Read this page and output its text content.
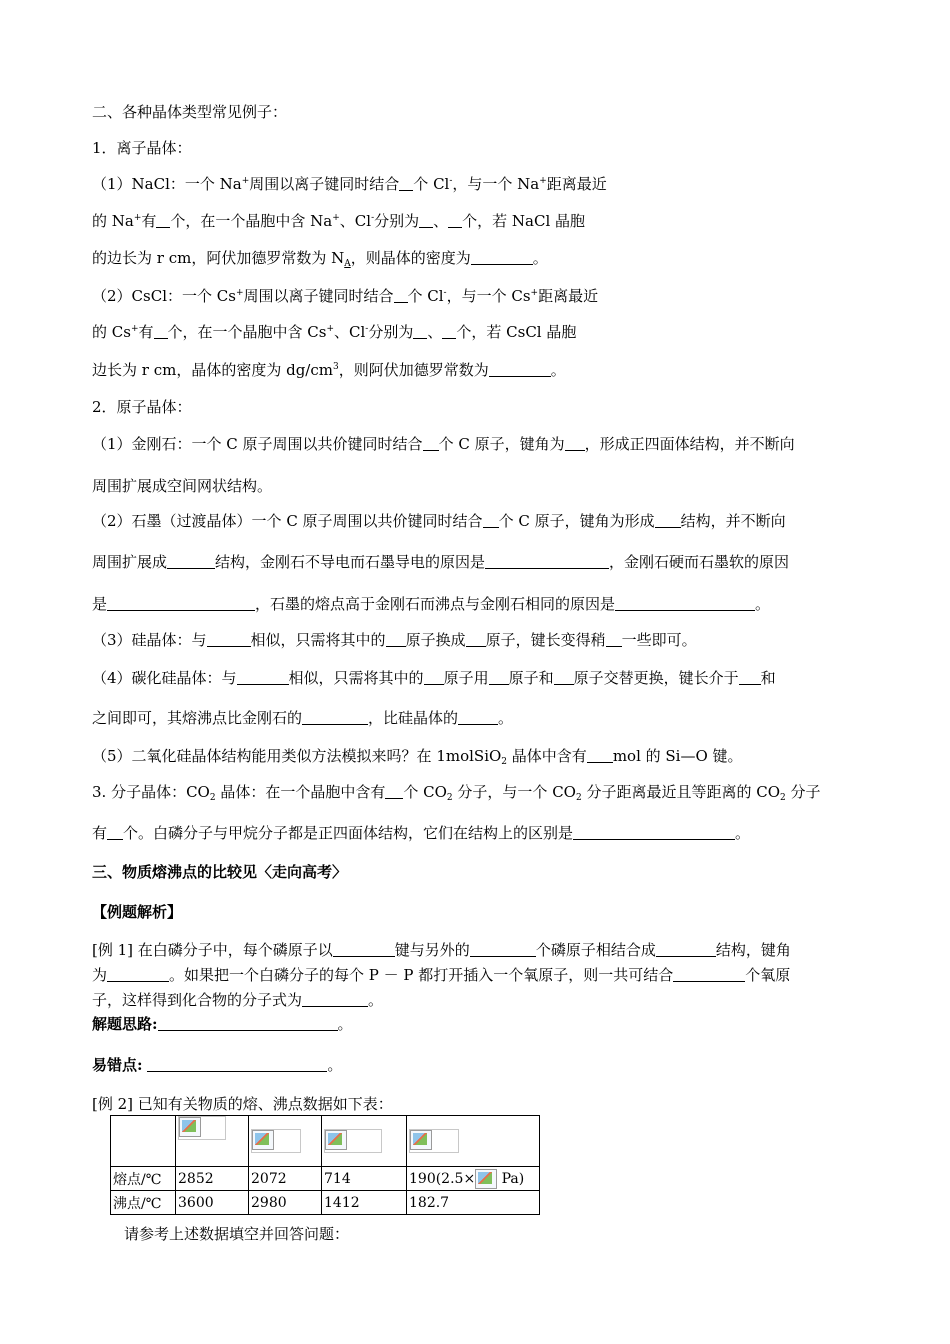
二、各种晶体类型常见例子：
1．离子晶体：
（1）NaCl：一个 Na+周围以离子键同时结合 个 Cl-，与一个 Na+距离最近
的 Na+有 个，在一个晶胞中含 Na+、Cl-分别为 、 个，若 NaCl 晶胞
的边长为 r cm，阿伏加德罗常数为 $N_A$，则晶体的密度为	。
（2）CsCl：一个 Cs+周围以离子键同时结合 个 Cl-，与一个 Cs+距离最近
的 Cs+有 个，在一个晶胞中含 Cs+、Cl-分别为 、 个，若 CsCl 晶胞
边长为 r cm，晶体的密度为 $dg/cm^3$，则阿伏加德罗常数为	。
2．原子晶体：
（1）金刚石：一个 C 原子周围以共价键同时结合 个 C 原子，键角为 ，形成正四面体结构，并不断向
周围扩展成空间网状结构。
（2）石墨（过渡晶体）一个 C 原子周围以共价键同时结合 个 C 原子，键角为形成 结构，并不断向
周围扩展成	结构，金刚石不导电而石墨导电的原因是	，金刚石硬而石墨软的原因
是	，石墨的熔点高于金刚石而沸点与金刚石相同的原因是	。
（3）硅晶体：与	相似，只需将其中的 原子换成 原子，键长变得稍 一些即可。
（4）碳化硅晶体：与	相似，只需将其中的 原子用 原子和 原子交替更换，键长介于 和
之间即可，其熔沸点比金刚石的	，比硅晶体的	。
（5）二氧化硅晶体结构能用类似方法模拟来吗？在 1molSiO$_2$ 晶体中含有 mol 的 Si—O 键。
3. 分子晶体：$CO_2$ 晶体：在一个晶胞中含有 个 $CO_2$ 分子，与一个 $CO_2$ 分子距离最近且等距离的 $CO_2$ 分子
有 个。白磷分子与甲烷分子都是正四面体结构，它们在结构上的区别是	。
三、物质熔沸点的比较见〈走向高考〉
【例题解析】
[例 1] 在白磷分子中，每个磷原子以	键与另外的	个磷原子相结合成	结构，键角
为	。如果把一个白磷分子的每个 P － P 都打开插入一个氧原子，则一共可结合	个氧原
子，这样得到化合物的分子式为	。
解题思路:	。
易错点:	。
[例 2] 已知有关物质的熔、沸点数据如下表：

熔点/℃	2852	2072	714	190(2.5× Pa)
沸点/℃	3600	2980	1412	182.7
请参考上述数据填空并回答问题：
